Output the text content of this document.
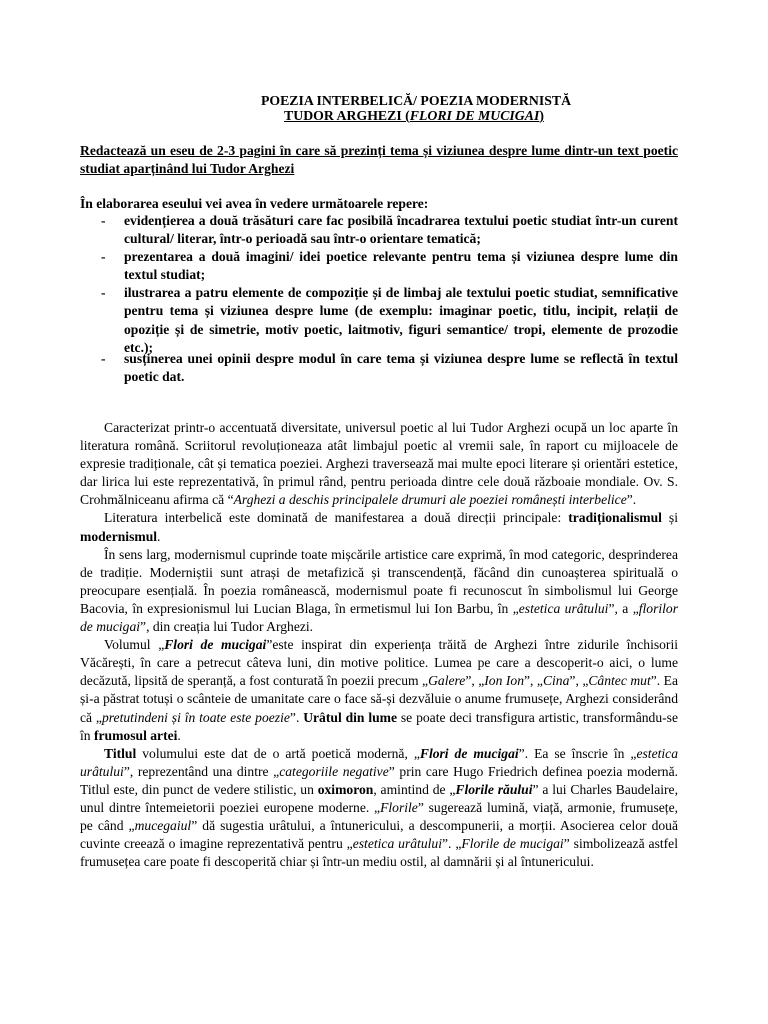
POEZIA INTERBELICĂ/ POEZIA MODERNISTĂ
TUDOR ARGHEZI (FLORI DE MUCIGAI)
Redactează un eseu de 2-3 pagini în care să prezinți tema și viziunea despre lume dintr-un text poetic studiat aparținând lui Tudor Arghezi
În elaborarea eseului vei avea în vedere următoarele repere:
- evidențierea a două trăsături care fac posibilă încadrarea textului poetic studiat într-un curent cultural/ literar, într-o perioadă sau într-o orientare tematică;
- prezentarea a două imagini/ idei poetice relevante pentru tema și viziunea despre lume din textul studiat;
- ilustrarea a patru elemente de compoziție și de limbaj ale textului poetic studiat, semnificative pentru tema și viziunea despre lume (de exemplu: imaginar poetic, titlu, incipit, relații de opoziție și de simetrie, motiv poetic, laitmotiv, figuri semantice/ tropi, elemente de prozodie etc.);
- susținerea unei opinii despre modul în care tema și viziunea despre lume se reflectă în textul poetic dat.

Caracterizat printr-o accentuată diversitate, universul poetic al lui Tudor Arghezi ocupă un loc aparte în literatura română. Scriitorul revoluționeaza atât limbajul poetic al vremii sale, în raport cu mijloacele de expresie tradiționale, cât și tematica poeziei. Arghezi traversează mai multe epoci literare și orientări estetice, dar lirica lui este reprezentativă, în primul rând, pentru perioada dintre cele două războaie mondiale. Ov. S. Crohmălniceanu afirma că “Arghezi a deschis principalele drumuri ale poeziei românești interbelice”.

Literatura interbelică este dominată de manifestarea a două direcții principale: tradiționalismul și modernismul.

În sens larg, modernismul cuprinde toate mișcările artistice care exprimă, în mod categoric, desprinderea de tradiție. Moderniștii sunt atrași de metafizică și transcendență, făcând din cunoașterea spirituală o preocupare esențială. În poezia românească, modernismul poate fi recunoscut în simbolismul lui George Bacovia, în expresionismul lui Lucian Blaga, în ermetismul lui Ion Barbu, în „estetica urâtului”, a „florilor de mucigai”, din creația lui Tudor Arghezi.

Volumul „Flori de mucigai”este inspirat din experiența trăită de Arghezi între zidurile închisorii Văcărești, în care a petrecut câteva luni, din motive politice. Lumea pe care a descoperit-o aici, o lume decăzută, lipsită de speranță, a fost conturată în poezii precum „Galere”, „Ion Ion”, „Cina”, „Cântec mut”. Ea și-a păstrat totuși o scânteie de umanitate care o face să-și dezvăluie o anume frumusețe, Arghezi considerând că „pretutindeni și în toate este poezie”. Urâtul din lume se poate deci transfigura artistic, transformându-se în frumosul artei.

Titlul volumului este dat de o artă poetică modernă, „Flori de mucigai”. Ea se înscrie în „estetica urâtului”, reprezentând una dintre „categoriile negative” prin care Hugo Friedrich definea poezia modernă. Titlul este, din punct de vedere stilistic, un oximoron, amintind de „Florile răului” a lui Charles Baudelaire, unul dintre întemeietorii poeziei europene moderne. „Florile” sugerează lumină, viață, armonie, frumusețe, pe când „mucegaiul” dă sugestia urâtului, a întunericului, a descompunerii, a morții. Asocierea celor două cuvinte creează o imagine reprezentativă pentru „estetica urâtului”. „Florile de mucigai” simbolizează astfel frumusețea care poate fi descoperită chiar și într-un mediu ostil, al damnării și al întunericului.
